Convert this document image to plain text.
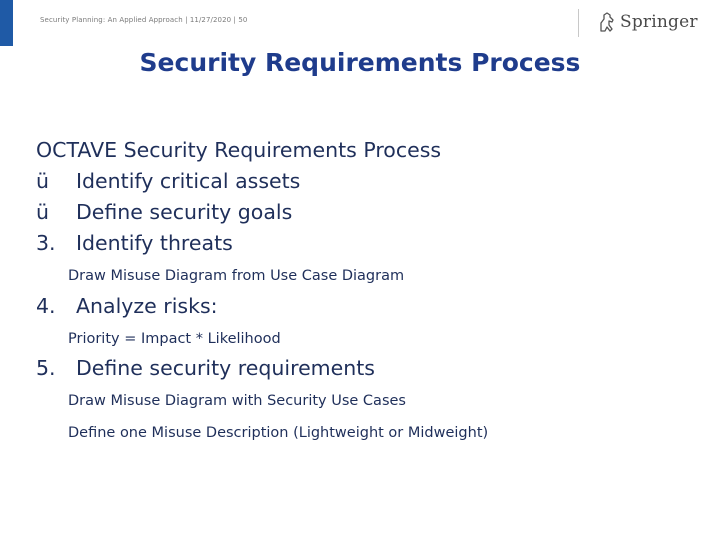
Security Planning: An Applied Approach | 11/27/2020 | 50	Springer
Security Requirements Process
OCTAVE Security Requirements Process
ü Identify critical assets
ü Define security goals
3. Identify threats
Draw Misuse Diagram from Use Case Diagram
4. Analyze risks:
Priority = Impact * Likelihood
5. Define security requirements
Draw Misuse Diagram with Security Use Cases
Define one Misuse Description (Lightweight or Midweight)
